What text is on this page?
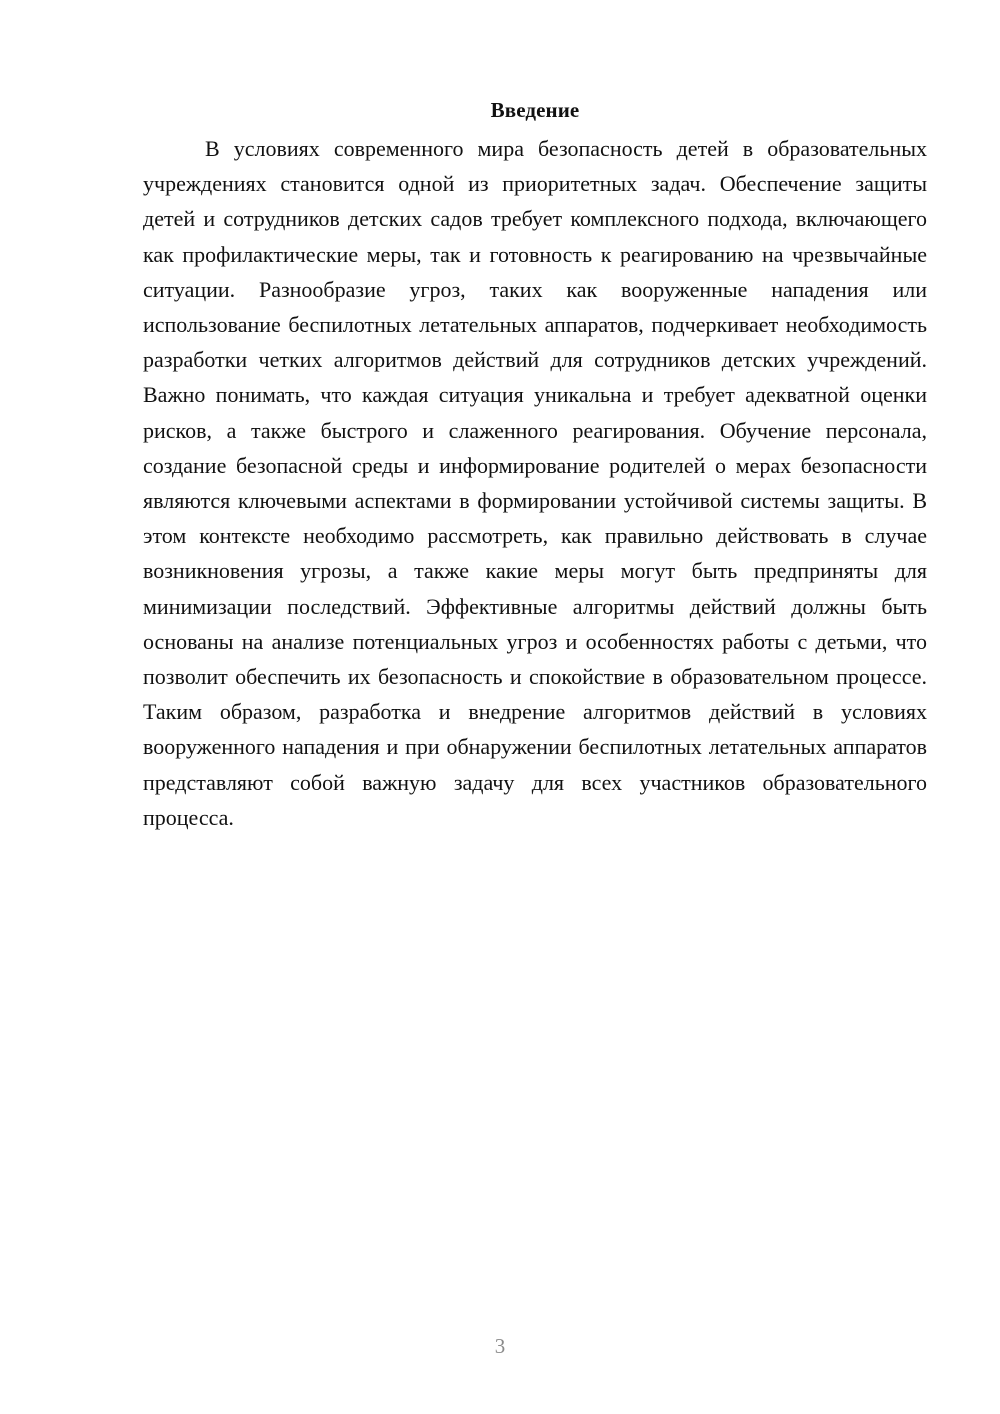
Введение

В условиях современного мира безопасность детей в образовательных учреждениях становится одной из приоритетных задач. Обеспечение защиты детей и сотрудников детских садов требует комплексного подхода, включающего как профилактические меры, так и готовность к реагированию на чрезвычайные ситуации. Разнообразие угроз, таких как вооруженные нападения или использование беспилотных летательных аппаратов, подчеркивает необходимость разработки четких алгоритмов действий для сотрудников детских учреждений. Важно понимать, что каждая ситуация уникальна и требует адекватной оценки рисков, а также быстрого и слаженного реагирования. Обучение персонала, создание безопасной среды и информирование родителей о мерах безопасности являются ключевыми аспектами в формировании устойчивой системы защиты. В этом контексте необходимо рассмотреть, как правильно действовать в случае возникновения угрозы, а также какие меры могут быть предприняты для минимизации последствий. Эффективные алгоритмы действий должны быть основаны на анализе потенциальных угроз и особенностях работы с детьми, что позволит обеспечить их безопасность и спокойствие в образовательном процессе. Таким образом, разработка и внедрение алгоритмов действий в условиях вооруженного нападения и при обнаружении беспилотных летательных аппаратов представляют собой важную задачу для всех участников образовательного процесса.

3
